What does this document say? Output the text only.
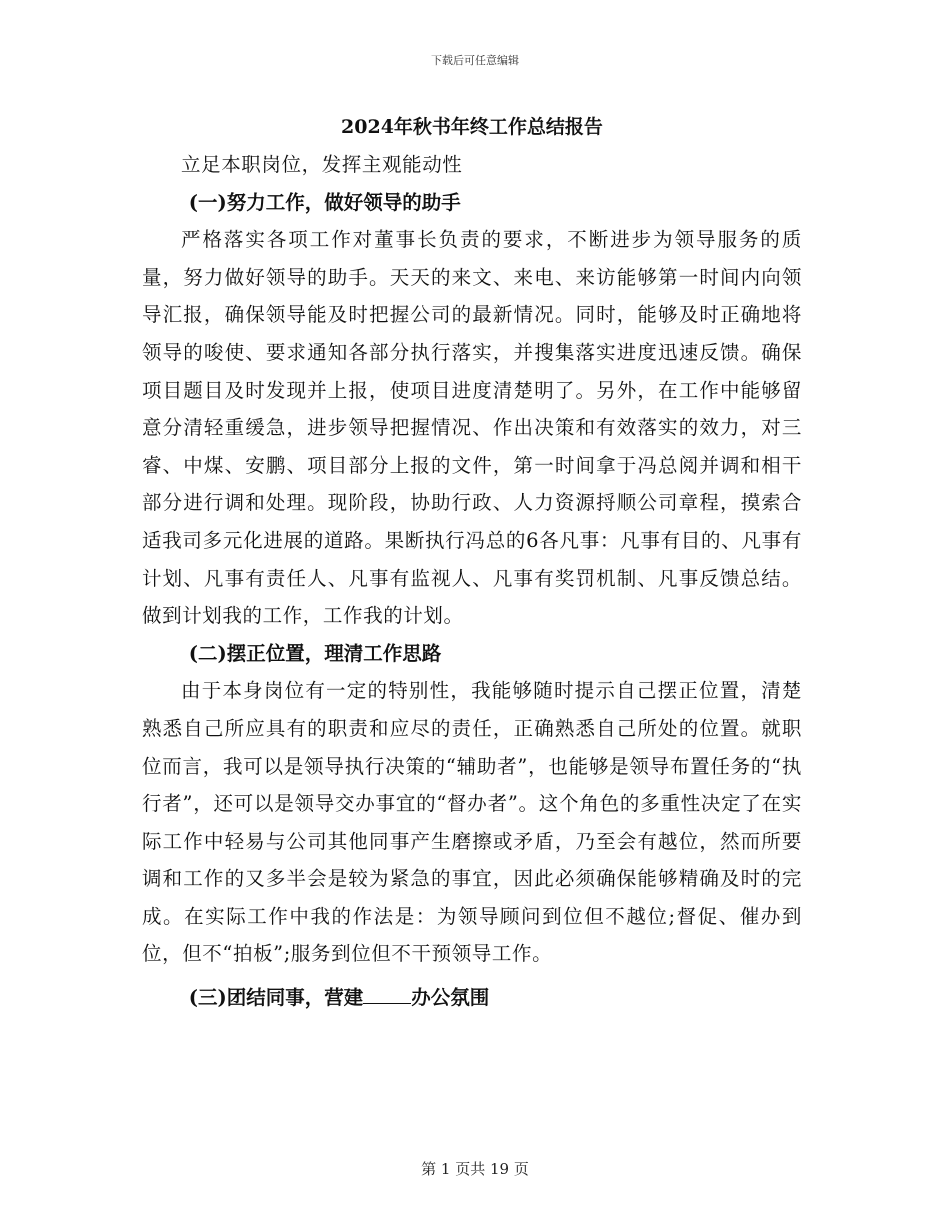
下载后可任意编辑
2024年秋书年终工作总结报告

立足本职岗位，发挥主观能动性

(一)努力工作，做好领导的助手

严格落实各项工作对董事长负责的要求，不断进步为领导服务的质量，努力做好领导的助手。天天的来文、来电、来访能够第一时间内向领导汇报，确保领导能及时把握公司的最新情况。同时，能够及时正确地将领导的唆使、要求通知各部分执行落实，并搜集落实进度迅速反馈。确保项目题目及时发现并上报，使项目进度清楚明了。另外，在工作中能够留意分清轻重缓急，进步领导把握情况、作出决策和有效落实的效力，对三睿、中煤、安鹏、项目部分上报的文件，第一时间拿于冯总阅并调和相干部分进行调和处理。现阶段，协助行政、人力资源捋顺公司章程，摸索合适我司多元化进展的道路。果断执行冯总的6各凡事：凡事有目的、凡事有计划、凡事有责任人、凡事有监视人、凡事有奖罚机制、凡事反馈总结。做到计划我的工作，工作我的计划。

(二)摆正位置，理清工作思路

由于本身岗位有一定的特别性，我能够随时提示自己摆正位置，清楚熟悉自己所应具有的职责和应尽的责任，正确熟悉自己所处的位置。就职位而言，我可以是领导执行决策的“辅助者”，也能够是领导布置任务的“执行者”，还可以是领导交办事宜的“督办者”。这个角色的多重性决定了在实际工作中轻易与公司其他同事产生磨擦或矛盾，乃至会有越位，然而所要调和工作的又多半会是较为紧急的事宜，因此必须确保能够精确及时的完成。在实际工作中我的作法是：为领导顾问到位但不越位;督促、催办到位，但不“拍板”;服务到位但不干预领导工作。

(三)团结同事，营建 办公氛围

第 1 页共 19 页
